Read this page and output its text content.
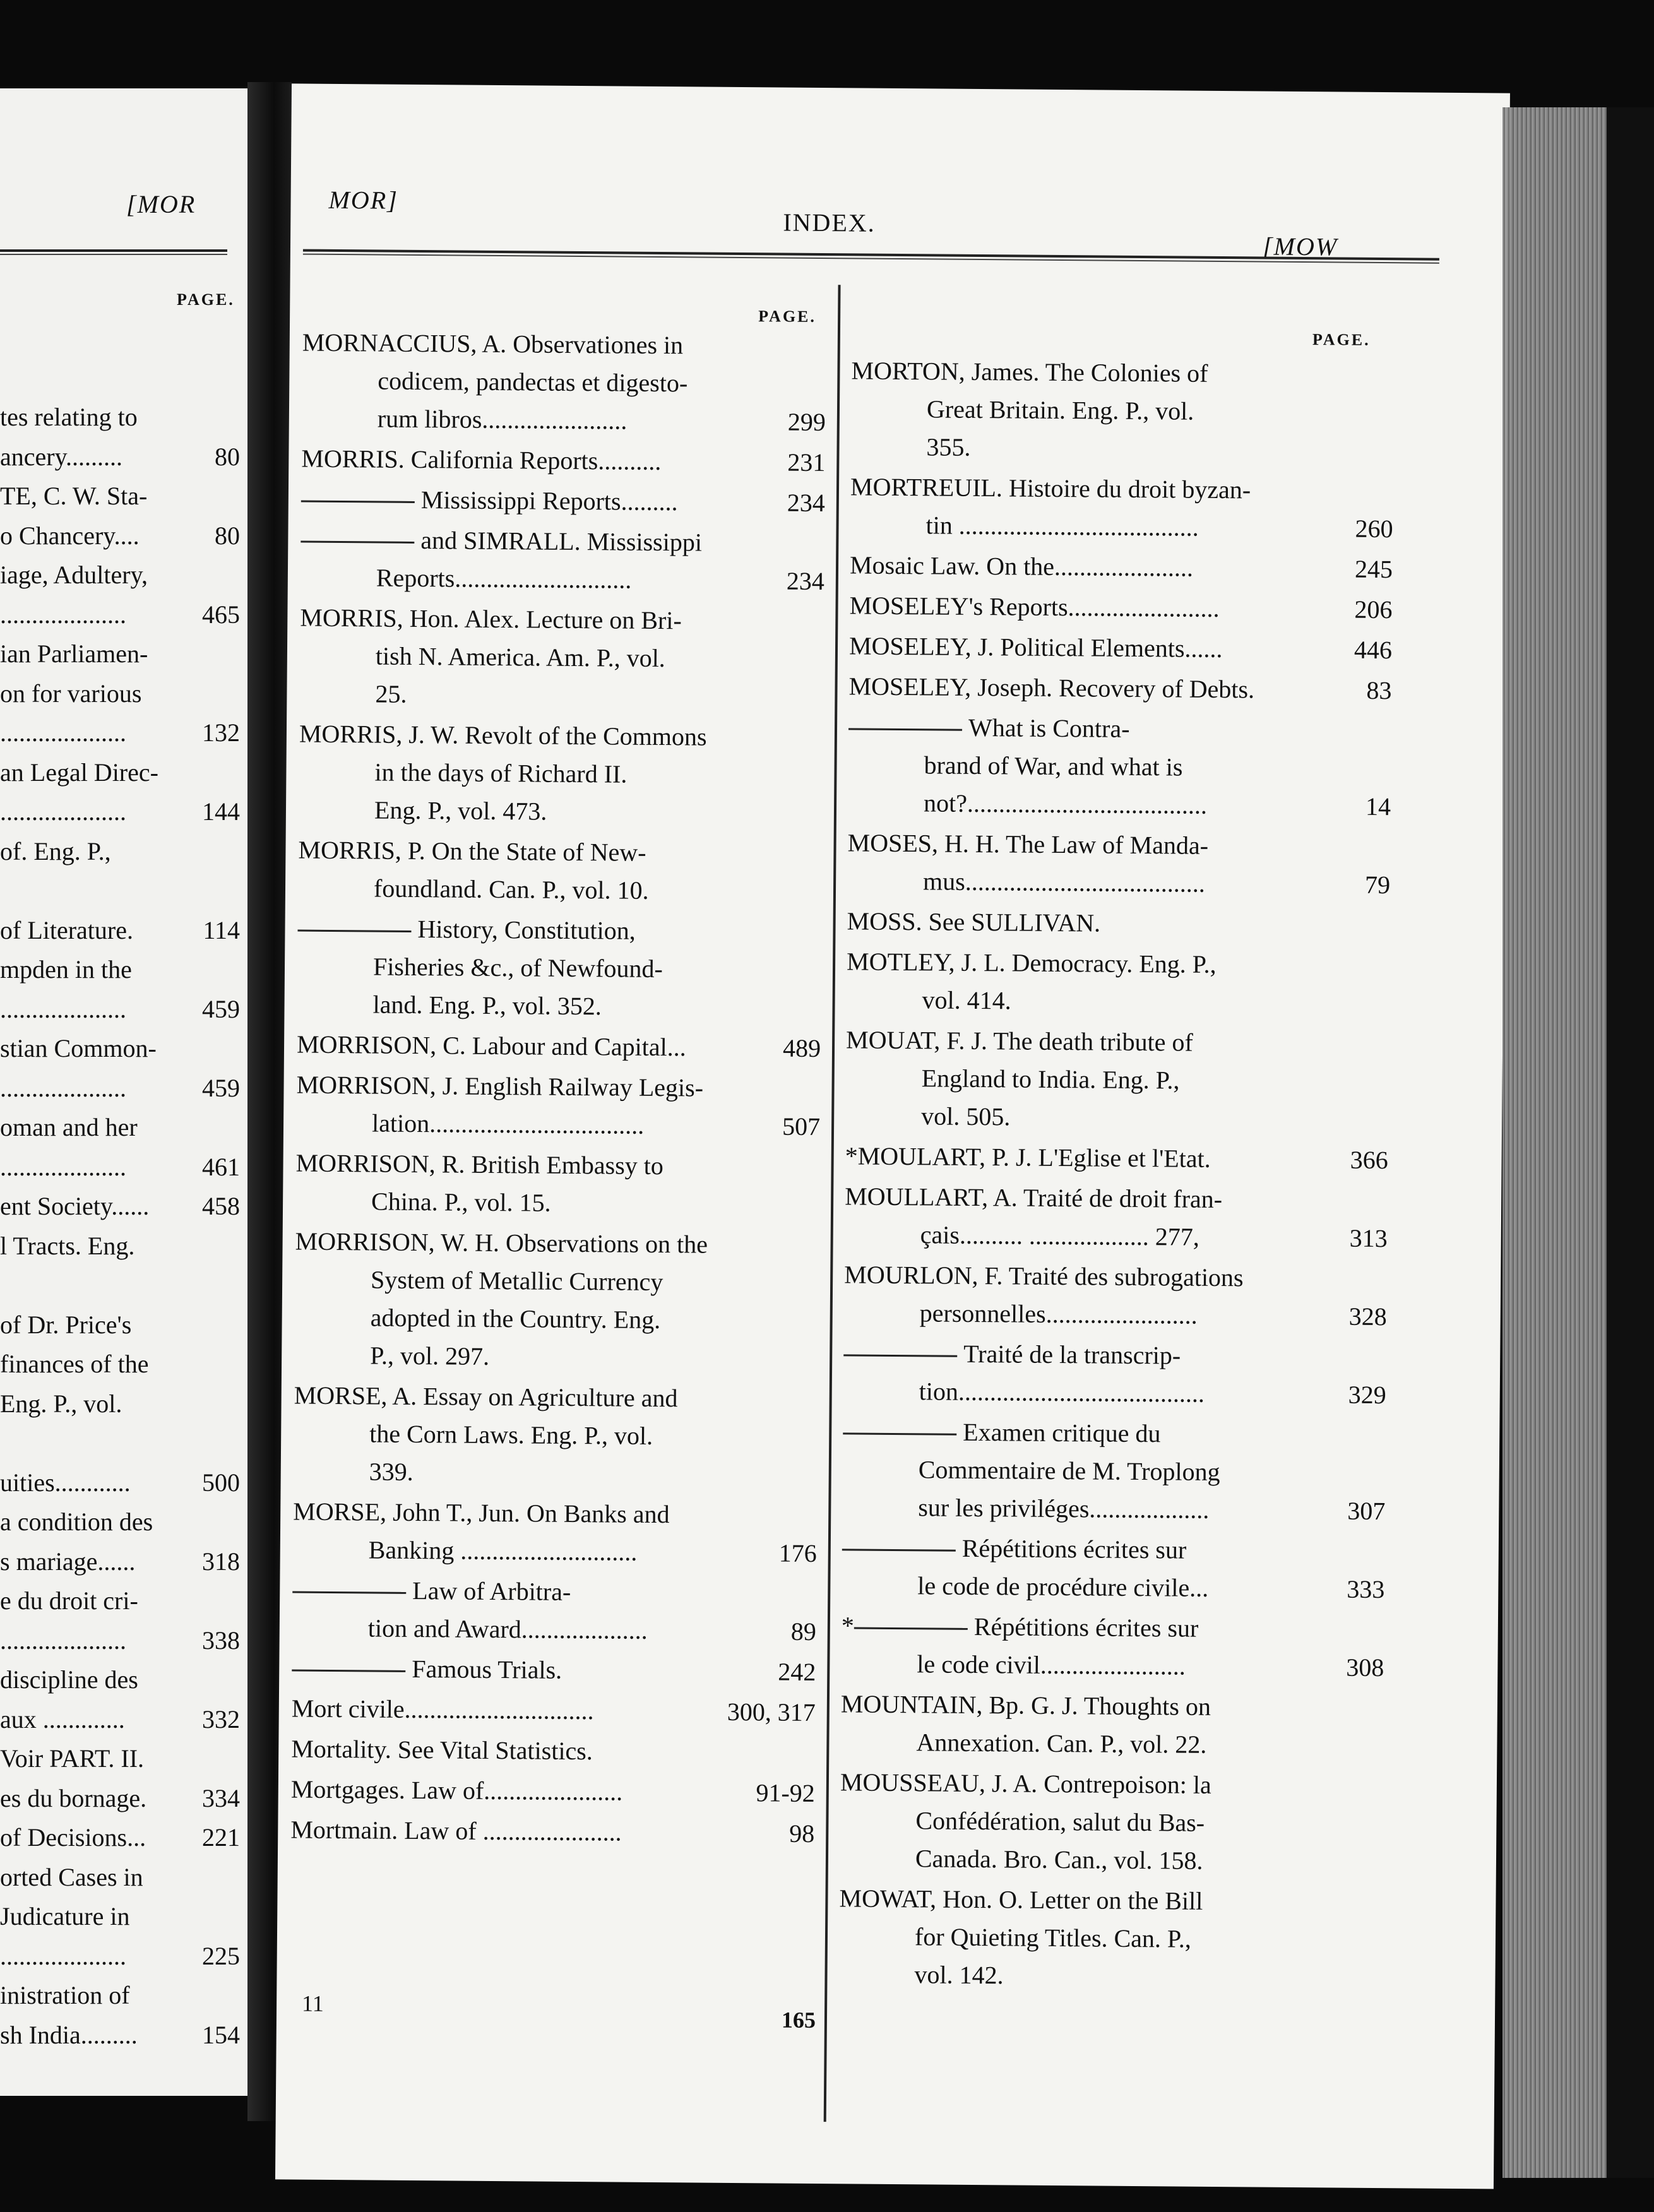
[MOR
PAGE.
tes relating to
ancery.........	80
TE, C. W. Sta-
o Chancery....	80
iage, Adultery,
....................	465
ian Parliamen-
on for various
....................	132
an Legal Direc-
....................	144
of. Eng. P.,
of Literature.	114
mpden in the
....................	459
stian Common-
....................	459
oman and her
....................	461
ent Society...... 458
l Tracts. Eng.
of Dr. Price's
finances of the
Eng. P., vol.
uities............	500
a condition des
s mariage......	318
e du droit cri-
....................	338
discipline des
aux .............	332
Voir PART. II.
es du bornage. 334
of Decisions... 221
orted Cases in
Judicature in
....................	225
inistration of
sh India.........	154
MOR]
INDEX.
[MOW
PAGE.
PAGE.
MORNACCIUS, A. Observationes in
codicem, pandectas et digesto-
rum libros.......................	299
MORRIS. California Reports..........	231
Mississippi Reports.........	234
and SIMRALL. Mississippi
Reports............................	234
MORRIS, Hon. Alex. Lecture on Bri-
tish N. America. Am. P., vol.
25.
MORRIS, J. W. Revolt of the Commons
in the days of Richard II.
Eng. P., vol. 473.
MORRIS, P. On the State of New-
foundland. Can. P., vol. 10.
History, Constitution,
Fisheries &c., of Newfound-
land. Eng. P., vol. 352.
MORRISON, C. Labour and Capital...	489
MORRISON, J. English Railway Legis-
lation..................................	507
MORRISON, R. British Embassy to
China. P., vol. 15.
MORRISON, W. H. Observations on the
System of Metallic Currency
adopted in the Country. Eng.
P., vol. 297.
MORSE, A. Essay on Agriculture and
the Corn Laws. Eng. P., vol.
339.
MORSE, John T., Jun. On Banks and
Banking ............................	176
Law of Arbitra-
tion and Award....................	89
Famous Trials.	242
Mort civile..............................	300, 317
Mortality. See Vital Statistics.
Mortgages. Law of......................	91-92
Mortmain. Law of ......................	98
MORTON, James. The Colonies of
Great Britain. Eng. P., vol.
355.
MORTREUIL. Histoire du droit byzan-
tin ......................................	260
Mosaic Law. On the......................	245
MOSELEY's Reports........................	206
MOSELEY, J. Political Elements......	446
MOSELEY, Joseph. Recovery of Debts.	83
What is Contra-
brand of War, and what is
not?......................................	14
MOSES, H. H. The Law of Manda-
mus......................................	79
MOSS. See SULLIVAN.
MOTLEY, J. L. Democracy. Eng. P.,
vol. 414.
MOUAT, F. J. The death tribute of
England to India. Eng. P.,
vol. 505.
*MOULART, P. J. L'Eglise et l'Etat.	366
MOULLART, A. Traité de droit fran-
çais.......... ................... 277,	313
MOURLON, F. Traité des subrogations
personnelles........................	328
Traité de la transcrip-
tion.......................................	329
Examen critique du
Commentaire de M. Troplong
sur les priviléges...................	307
Répétitions écrites sur
le code de procédure civile...	333
*	Répétitions écrites sur
le code civil.......................	308
MOUNTAIN, Bp. G. J. Thoughts on
Annexation. Can. P., vol. 22.
MOUSSEAU, J. A. Contrepoison: la
Confédération, salut du Bas-
Canada. Bro. Can., vol. 158.
MOWAT, Hon. O. Letter on the Bill
for Quieting Titles. Can. P.,
vol. 142.
11
165
